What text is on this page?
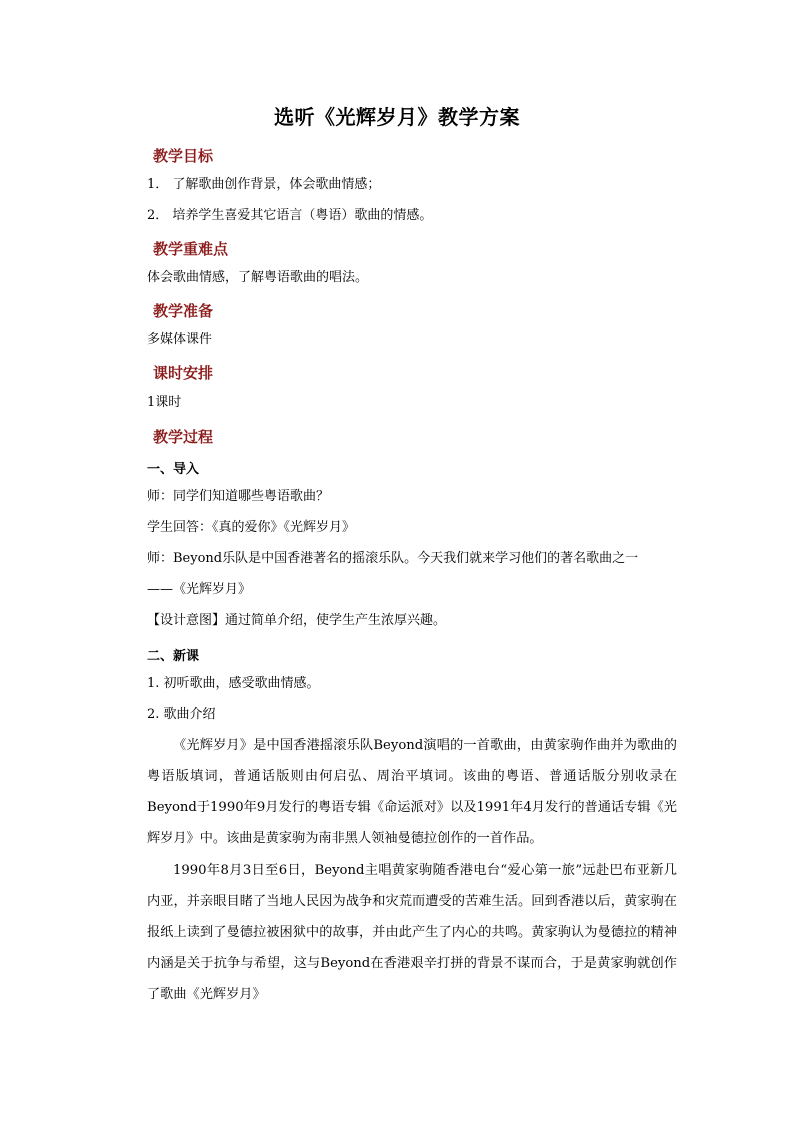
选听《光辉岁月》教学方案
教学目标
1． 了解歌曲创作背景，体会歌曲情感；
2． 培养学生喜爱其它语言（粤语）歌曲的情感。
教学重难点
体会歌曲情感，了解粤语歌曲的唱法。
教学准备
多媒体课件
课时安排
1课时
教学过程
一、导入
师：同学们知道哪些粤语歌曲？
学生回答：《真的爱你》《光辉岁月》
师：Beyond乐队是中国香港著名的摇滚乐队。今天我们就来学习他们的著名歌曲之一
——《光辉岁月》
【设计意图】通过简单介绍，使学生产生浓厚兴趣。
二、新课
1. 初听歌曲，感受歌曲情感。
2. 歌曲介绍
《光辉岁月》是中国香港摇滚乐队Beyond演唱的一首歌曲，由黄家驹作曲并为歌曲的粤语版填词，普通话版则由何启弘、周治平填词。该曲的粤语、普通话版分别收录在Beyond于1990年9月发行的粤语专辑《命运派对》以及1991年4月发行的普通话专辑《光辉岁月》中。该曲是黄家驹为南非黑人领袖曼德拉创作的一首作品。
1990年8月3日至6日，Beyond主唱黄家驹随香港电台“爱心第一旅”远赴巴布亚新几内亚，并亲眼目睹了当地人民因为战争和灾荒而遭受的苦难生活。回到香港以后，黄家驹在报纸上读到了曼德拉被困狱中的故事，并由此产生了内心的共鸣。黄家驹认为曼德拉的精神内涵是关于抗争与希望，这与Beyond在香港艰辛打拼的背景不谋而合，于是黄家驹就创作了歌曲《光辉岁月》
